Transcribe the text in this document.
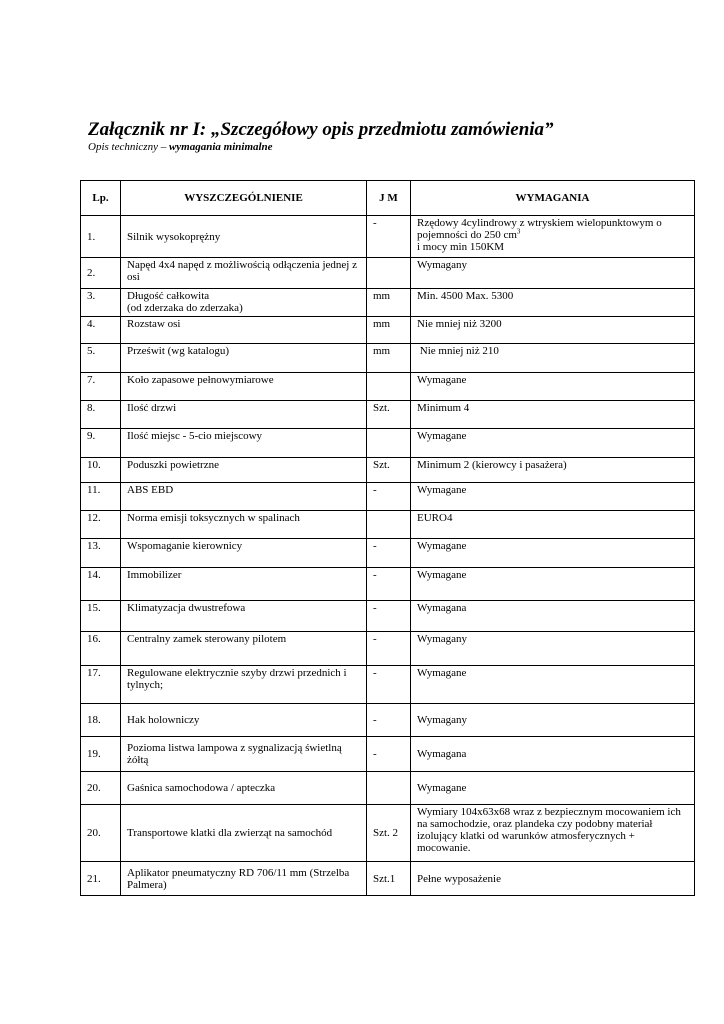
Załącznik nr I: „Szczegółowy opis przedmiotu zamówienia”

Opis techniczny – wymagania minimalne

Lp.	WYSZCZEGÓLNIENIE	J M	WYMAGANIA
1.	Silnik wysokoprężny	-	Rzędowy 4cylindrowy z wtryskiem wielopunktowym o pojemności do 250 $cm^3$
i mocy min 150KM
2.	Napęd 4x4 napęd z możliwością odłączenia jednej z osi		Wymagany
3.	Długość całkowita
(od zderzaka do zderzaka)	mm	Min. 4500 Max. 5300
4.	Rozstaw osi	mm	Nie mniej niż 3200
5.	Prześwit (wg katalogu)	mm	Nie mniej niż 210
7.	Koło zapasowe pełnowymiarowe		Wymagane
8.	Ilość drzwi	Szt.	Minimum 4
9.	Ilość miejsc - 5-cio miejscowy		Wymagane
10.	Poduszki powietrzne	Szt.	Minimum 2 (kierowcy i pasażera)
11.	ABS EBD	-	Wymagane
12.	Norma emisji toksycznych w spalinach		EURO4
13.	Wspomaganie kierownicy	-	Wymagane
14.	Immobilizer	-	Wymagane
15.	Klimatyzacja dwustrefowa	-	Wymagana
16.	Centralny zamek sterowany pilotem	-	Wymagany
17.	Regulowane elektrycznie szyby drzwi przednich i tylnych;	-	Wymagane
18.	Hak holowniczy	-	Wymagany
19.	Pozioma listwa lampowa z sygnalizacją świetlną żółtą	-	Wymagana
20.	Gaśnica samochodowa / apteczka		Wymagane
20.	Transportowe klatki dla zwierząt na samochód	Szt. 2	Wymiary 104x63x68 wraz z bezpiecznym mocowaniem ich na samochodzie, oraz plandeka czy podobny materiał izolujący klatki od warunków atmosferycznych + mocowanie.
21.	Aplikator pneumatyczny RD 706/11 mm (Strzelba Palmera)	Szt.1	Pełne wyposażenie
